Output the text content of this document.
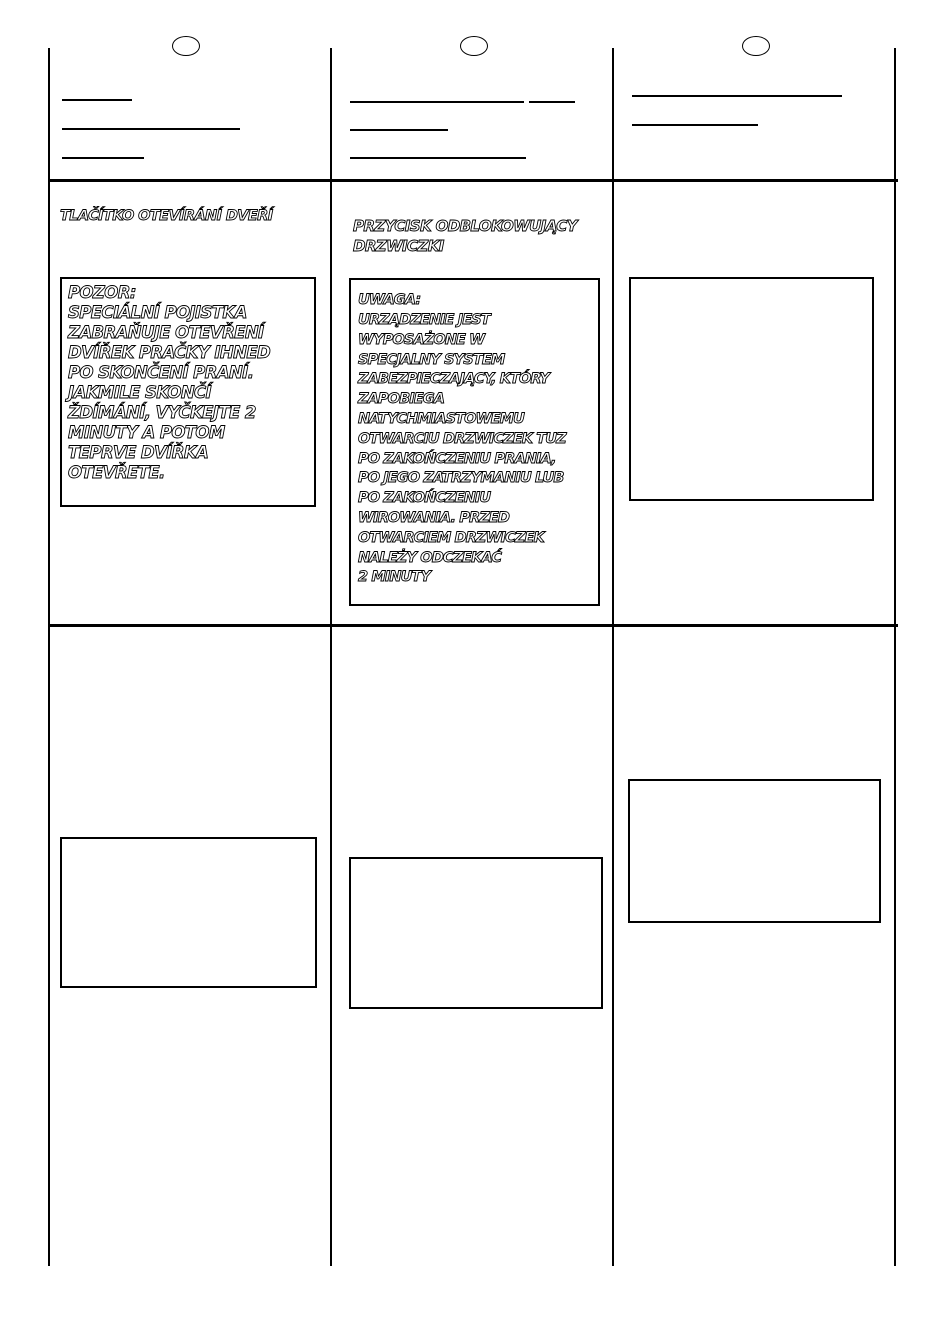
TLAČÍTKO OTEVÍRÁNÍ DVEŘÍ
POZOR:
SPECIÁLNÍ POJISTKA
ZABRAŇUJE OTEVŘENÍ
DVÍŘEK PRAČKY IHNED
PO SKONČENÍ PRANÍ.
JAKMILE SKONČÍ
ŽDÍMÁNÍ, VYČKEJTE 2
MINUTY A POTOM
TEPRVE DVÍŘKA
OTEVŘETE.
PRZYCISK ODBLOKOWUJĄCY
DRZWICZKI
UWAGA:
URZĄDZENIE JEST
WYPOSAŻONE W
SPECJALNY SYSTEM
ZABEZPIECZAJĄCY, KTÓRY
ZAPOBIEGA
NATYCHMIASTOWEMU
OTWARCIU DRZWICZEK TUZ
PO ZAKOŃCZENIU PRANIA,
PO JEGO ZATRZYMANIU LUB
PO ZAKOŃCZENIU
WIROWANIA. PRZED
OTWARCIEM DRZWICZEK
NALEŻY ODCZEKAĆ
2 MINUTY
